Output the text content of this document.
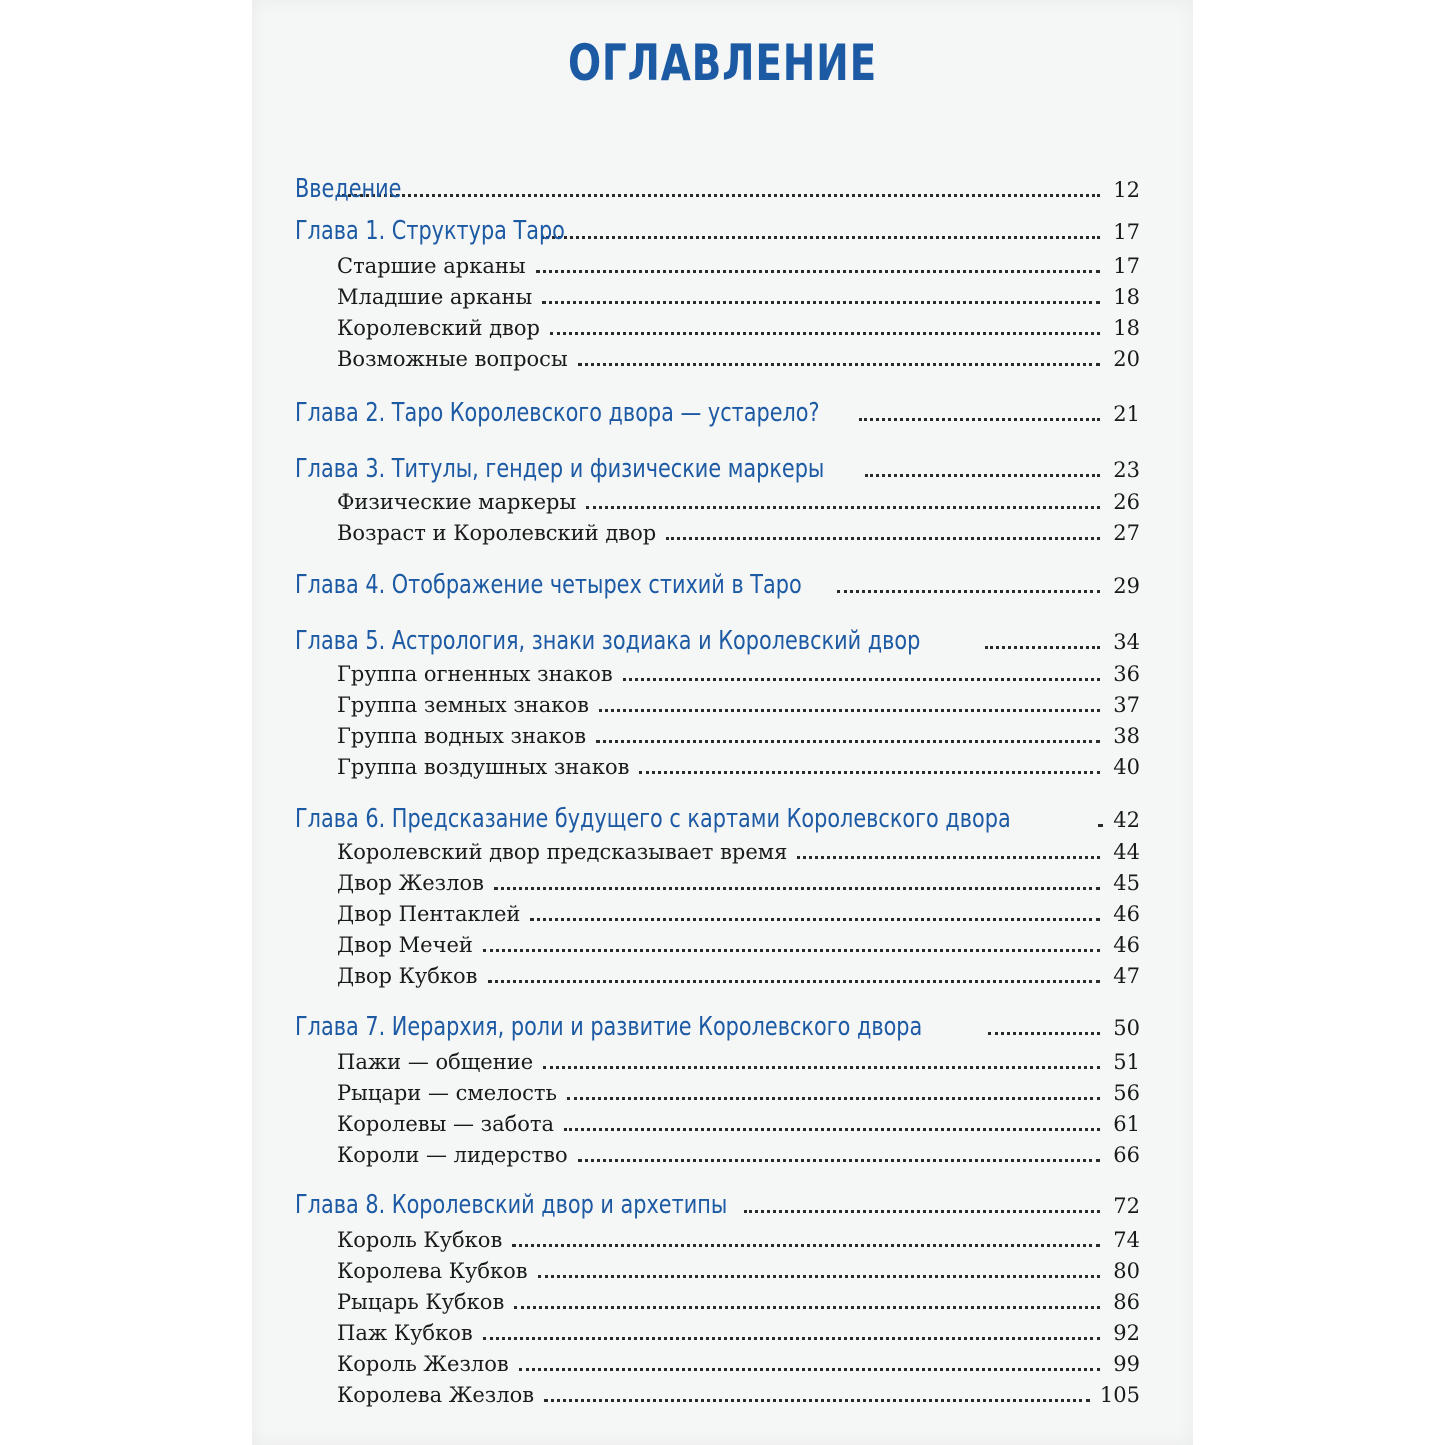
ОГЛАВЛЕНИЕ
Введение	12
Глава 1. Структура Таро	17
Старшие арканы	17
Младшие арканы	18
Королевский двор	18
Возможные вопросы	20
Глава 2. Таро Королевского двора — устарело?	21
Глава 3. Титулы, гендер и физические маркеры	23
Физические маркеры	26
Возраст и Королевский двор	27
Глава 4. Отображение четырех стихий в Таро	29
Глава 5. Астрология, знаки зодиака и Королевский двор	34
Группа огненных знаков	36
Группа земных знаков	37
Группа водных знаков	38
Группа воздушных знаков	40
Глава 6. Предсказание будущего с картами Королевского двора	42
Королевский двор предсказывает время	44
Двор Жезлов	45
Двор Пентаклей	46
Двор Мечей	46
Двор Кубков	47
Глава 7. Иерархия, роли и развитие Королевского двора	50
Пажи — общение	51
Рыцари — смелость	56
Королевы — забота	61
Короли — лидерство	66
Глава 8. Королевский двор и архетипы	72
Король Кубков	74
Королева Кубков	80
Рыцарь Кубков	86
Паж Кубков	92
Король Жезлов	99
Королева Жезлов	105
